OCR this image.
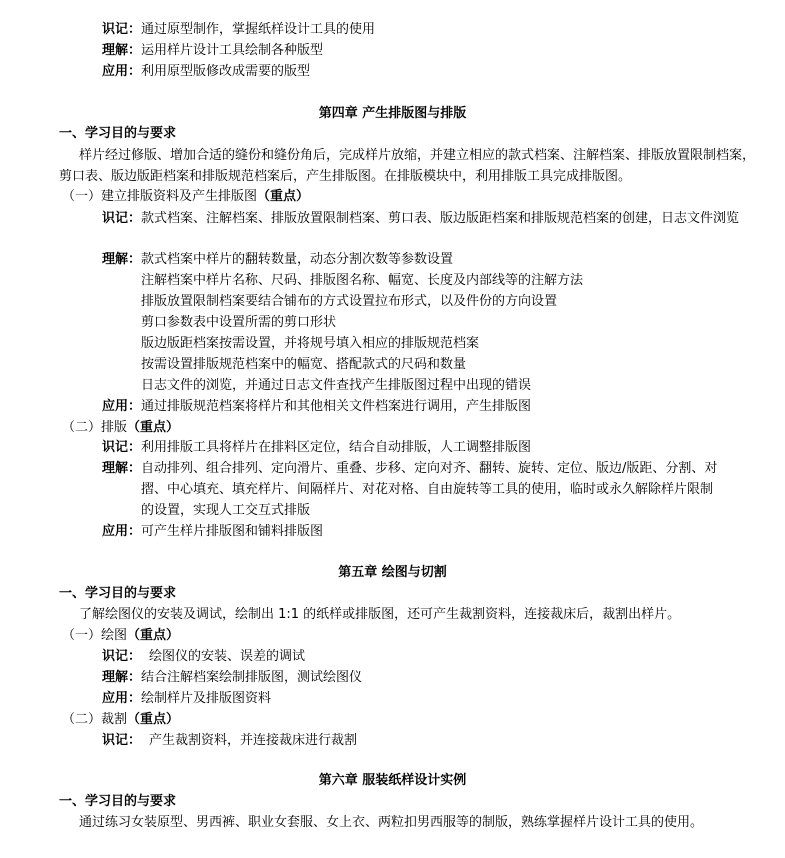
识记：通过原型制作，掌握纸样设计工具的使用
理解：运用样片设计工具绘制各种版型
应用：利用原型版修改成需要的版型
第四章 产生排版图与排版
一、学习目的与要求
样片经过修版、增加合适的缝份和缝份角后，完成样片放缩，并建立相应的款式档案、注解档案、排版放置限制档案，剪口表、版边版距档案和排版规范档案后，产生排版图。在排版模块中，利用排版工具完成排版图。
（一）建立排版资料及产生排版图（重点）
识记：款式档案、注解档案、排版放置限制档案、剪口表、版边版距档案和排版规范档案的创建，日志文件浏览
理解：款式档案中样片的翻转数量，动态分割次数等参数设置
注解档案中样片名称、尺码、排版图名称、幅宽、长度及内部线等的注解方法
排版放置限制档案要结合铺布的方式设置拉布形式，以及件份的方向设置
剪口参数表中设置所需的剪口形状
版边版距档案按需设置，并将规号填入相应的排版规范档案
按需设置排版规范档案中的幅宽、搭配款式的尺码和数量
日志文件的浏览，并通过日志文件查找产生排版图过程中出现的错误
应用：通过排版规范档案将样片和其他相关文件档案进行调用，产生排版图
（二）排版（重点）
识记：利用排版工具将样片在排料区定位，结合自动排版，人工调整排版图
理解：自动排列、组合排列、定向滑片、重叠、步移、定向对齐、翻转、旋转、定位、版边/版距、分割、对
摺、中心填充、填充样片、间隔样片、对花对格、自由旋转等工具的使用，临时或永久解除样片限制
的设置，实现人工交互式排版
应用：可产生样片排版图和铺料排版图
第五章 绘图与切割
一、学习目的与要求
了解绘图仪的安装及调试，绘制出 1:1 的纸样或排版图，还可产生裁割资料，连接裁床后，裁割出样片。
（一）绘图（重点）
识记： 绘图仪的安装、误差的调试
理解：结合注解档案绘制排版图，测试绘图仪
应用：绘制样片及排版图资料
（二）裁割（重点）
识记： 产生裁割资料，并连接裁床进行裁割
第六章 服装纸样设计实例
一、学习目的与要求
通过练习女装原型、男西裤、职业女套服、女上衣、两粒扣男西服等的制版，熟练掌握样片设计工具的使用。
